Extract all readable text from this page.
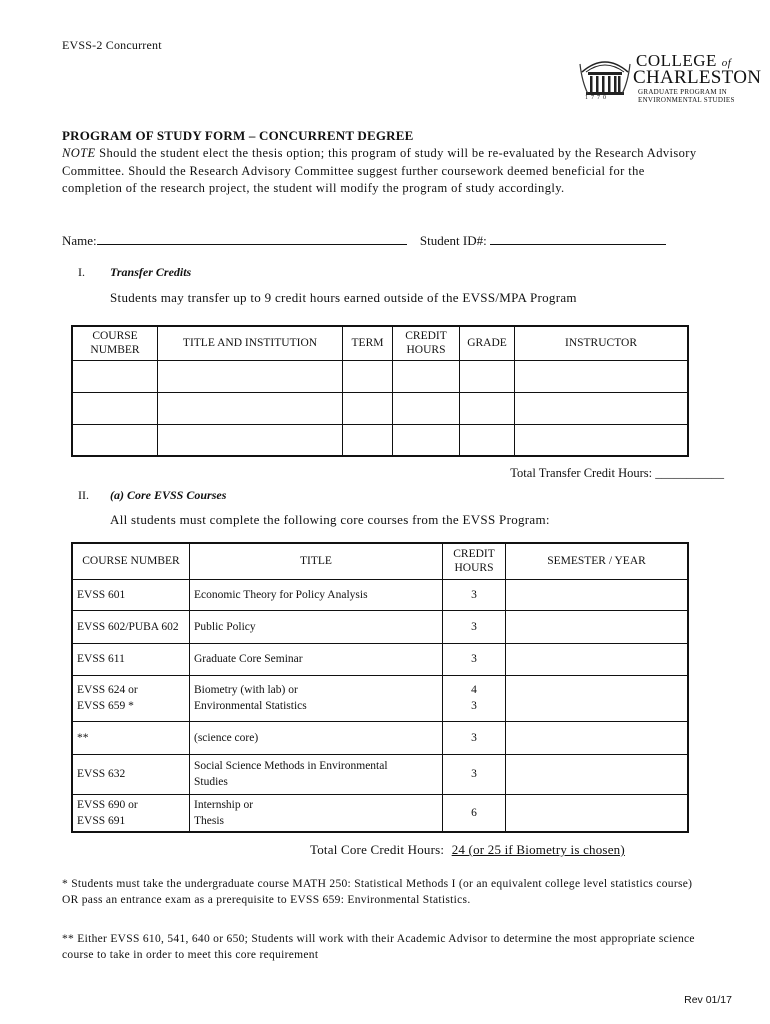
EVSS-2 Concurrent
1770
COLLEGE of
CHARLESTON
GRADUATE PROGRAM IN
ENVIRONMENTAL STUDIES
PROGRAM OF STUDY FORM – CONCURRENT DEGREE
NOTE Should the student elect the thesis option; this program of study will be re-evaluated by the Research Advisory Committee. Should the Research Advisory Committee suggest further coursework deemed beneficial for the completion of the research project, the student will modify the program of study accordingly.
Name:	Student ID#:
I. Transfer Credits
Students may transfer up to 9 credit hours earned outside of the EVSS/MPA Program
COURSE NUMBER	TITLE AND INSTITUTION	TERM	CREDIT HOURS	GRADE	INSTRUCTOR

Total Transfer Credit Hours: ___________
II. (a) Core EVSS Courses
All students must complete the following core courses from the EVSS Program:
COURSE NUMBER	TITLE	CREDIT HOURS	SEMESTER / YEAR
EVSS 601	Economic Theory for Policy Analysis	3	
EVSS 602/PUBA 602	Public Policy	3	
EVSS 611	Graduate Core Seminar	3	
EVSS 624 or
EVSS 659 *	Biometry (with lab) or
Environmental Statistics	4
3	
**	(science core)	3	
EVSS 632	Social Science Methods in Environmental
Studies	3	
EVSS 690 or
EVSS 691	Internship or
Thesis	6	
Total Core Credit Hours: 24 (or 25 if Biometry is chosen)
* Students must take the undergraduate course MATH 250: Statistical Methods I (or an equivalent college level statistics course) OR pass an entrance exam as a prerequisite to EVSS 659: Environmental Statistics.
** Either EVSS 610, 541, 640 or 650; Students will work with their Academic Advisor to determine the most appropriate science course to take in order to meet this core requirement
Rev 01/17
